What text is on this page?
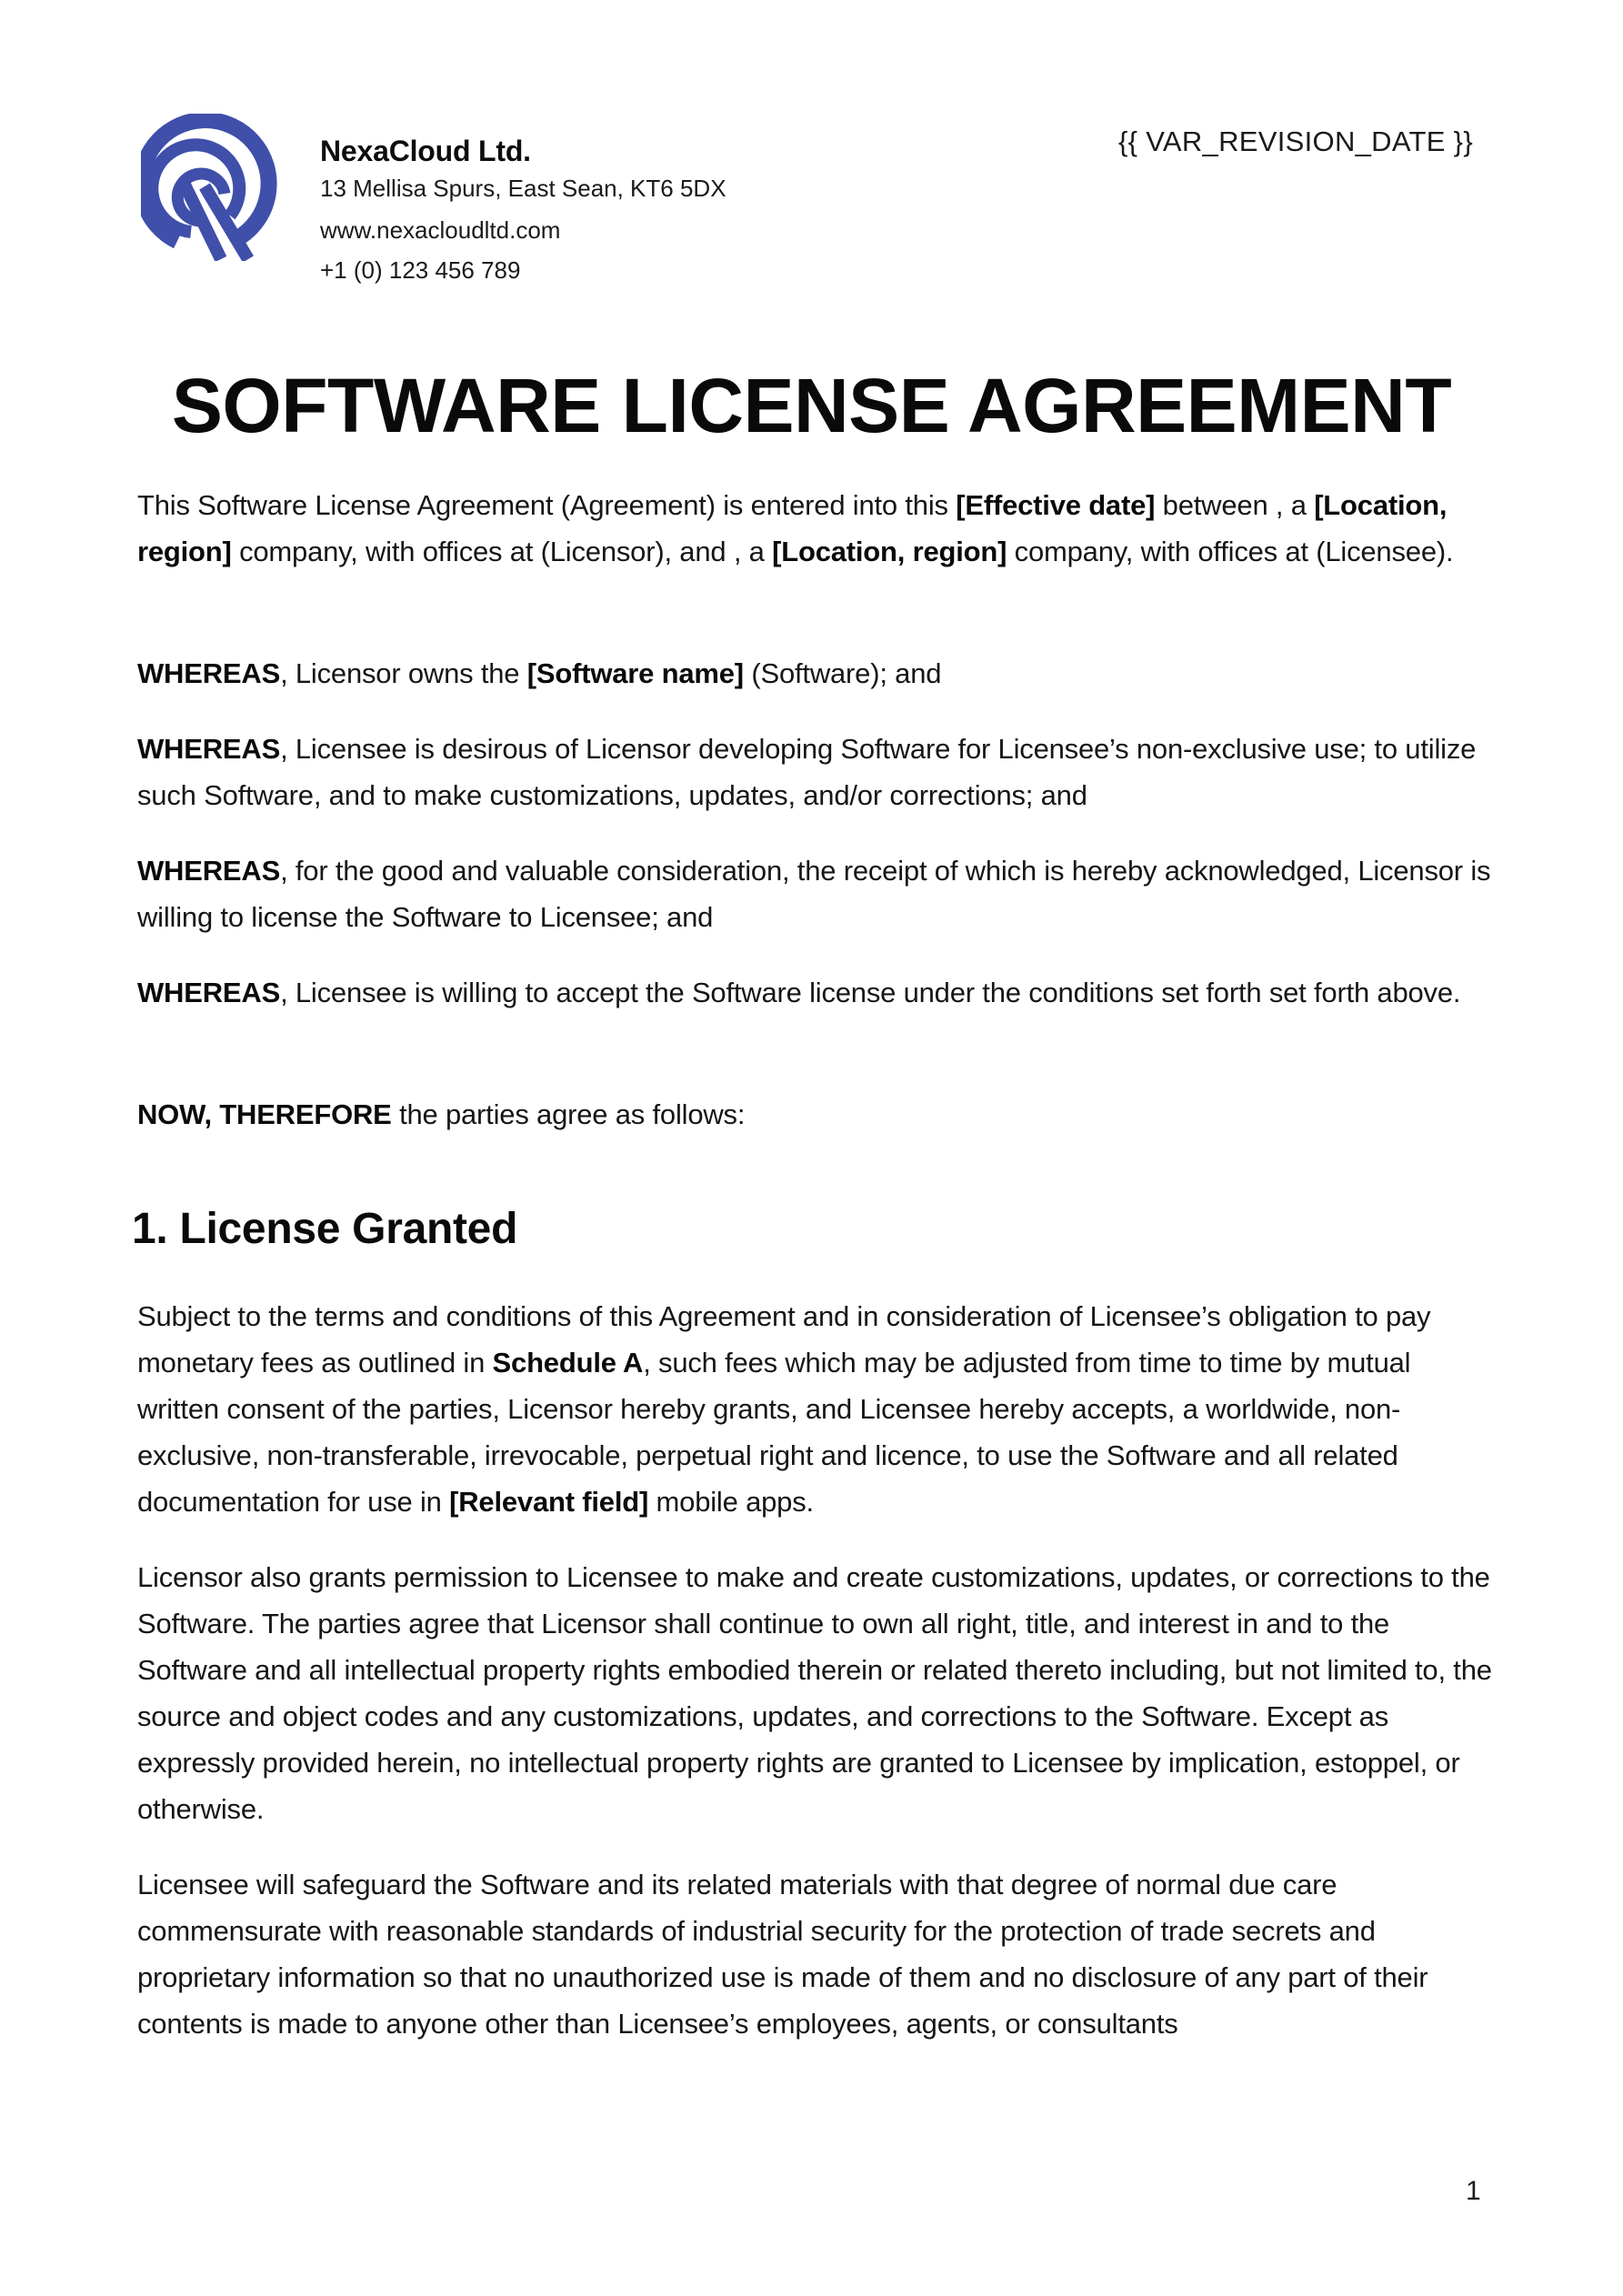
NexaCloud Ltd.
13 Mellisa Spurs, East Sean, KT6 5DX
www.nexacloudltd.com
+1 (0) 123 456 789
{{ VAR_REVISION_DATE }}
SOFTWARE LICENSE AGREEMENT
This Software License Agreement (Agreement) is entered into this [Effective date] between , a [Location, region] company, with offices at (Licensor), and , a [Location, region] company, with offices at (Licensee).
WHEREAS, Licensor owns the [Software name] (Software); and
WHEREAS, Licensee is desirous of Licensor developing Software for Licensee’s non-exclusive use; to utilize such Software, and to make customizations, updates, and/or corrections; and
WHEREAS, for the good and valuable consideration, the receipt of which is hereby acknowledged, Licensor is willing to license the Software to Licensee; and
WHEREAS, Licensee is willing to accept the Software license under the conditions set forth set forth above.
NOW, THEREFORE the parties agree as follows:
1. License Granted
Subject to the terms and conditions of this Agreement and in consideration of Licensee’s obligation to pay monetary fees as outlined in Schedule A, such fees which may be adjusted from time to time by mutual written consent of the parties, Licensor hereby grants, and Licensee hereby accepts, a worldwide, non-exclusive, non-transferable, irrevocable, perpetual right and licence, to use the Software and all related documentation for use in [Relevant field] mobile apps.
Licensor also grants permission to Licensee to make and create customizations, updates, or corrections to the Software. The parties agree that Licensor shall continue to own all right, title, and interest in and to the Software and all intellectual property rights embodied therein or related thereto including, but not limited to, the source and object codes and any customizations, updates, and corrections to the Software. Except as expressly provided herein, no intellectual property rights are granted to Licensee by implication, estoppel, or otherwise.
Licensee will safeguard the Software and its related materials with that degree of normal due care commensurate with reasonable standards of industrial security for the protection of trade secrets and proprietary information so that no unauthorized use is made of them and no disclosure of any part of their contents is made to anyone other than Licensee’s employees, agents, or consultants
1
